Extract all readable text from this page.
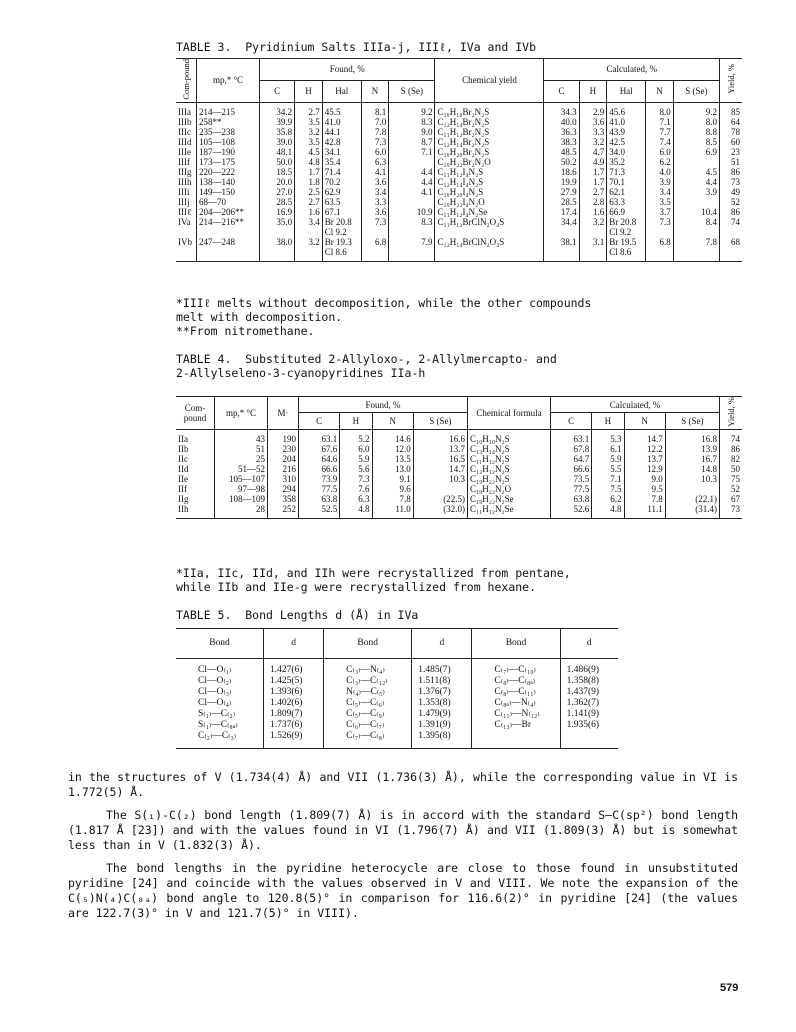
TABLE 3.  Pyridinium Salts IIIa-j, IIIℓ, IVa and IVb
Com-pound	mp,* °C	Found, %					Chemical yield	Calculated, %					Yield, %
		C	H	Hal	N	S (Se)		C	H	Hal	N	S (Se)	
IIIa	214—215	34.2	2.7	45.5	8.1	9.2	C₁₉H₁₀Br₂N₂S	34.3	2.9	45.6	8.0	9.2	85
IIIb	258**	39.9	3.5	41.0	7.0	8.3	C₁₂H₁₄Br₂N₂S	40.0	3.6	41.0	7.1	8.0	64
IIIc	235—238	35.8	3.2	44.1	7.8	9.0	C₁₁H₁₂Br₂N₂S	36.3	3.3	43.9	7.7	8.8	78
IIId	105—108	39.0	3.5	42.8	7.3	8.7	C₁₂H₁₄Br₂N₂S	38.3	3.2	42.5	7.4	8.5	60
IIIe	187—190	48.1	4.5	34.1	6.0	7.1	C₁₉H₂₀Br₂N₂S	48.5	4.7	34.0	6.0	6.9	23
IIIf	173—175	50.0	4.8	35.4	6.3		C₁₉H₂₂Br₂N₂O	50.2	4.9	35.2	6.2		51
IIIg	220—222	18.5	1.7	71.4	4.1	4.4	C₁₁H₁₂I₄N₂S	18.6	1.7	71.3	4.0	4.5	86
IIIh	138—140	20.0	1.8	70.2	3.6	4.4	C₁₂H₁₄I₄N₂S	19.9	1.7	70.1	3.9	4.4	73
IIIi	149—150	27.0	2.5	62.9	3.4	4.1	C₁₉H₂₀I₄N₂S	27.9	2.7	62.1	3.4	3.9	49
IIIj	68—70	28.5	2.7	63.5	3.3		C₁₉H₂₂I₄N₂O	28.5	2.8	63.3	3.5		52
IIIℓ	204—206**	16.9	1.6	67.1	3.6	10.9	C₁₁H₁₂I₄N₂Se	17.4	1.6	66.9	3.7	10.4	86
IVa	214—216**	35.0	3.4	Br 20.8 Cl 9.2	7.3	8.3	C₁₁H₁₂BrClN₂O₄S	34.4	3.2	Br 20.8 Cl 9.2	7.3	8.4	74
IVb	247—248	38.0	3.2	Br 19.3 Cl 8.6	6.8	7.9	C₁₂H₁₄BrClN₂O₄S	38.1	3.1	Br 19.5 Cl 8.6	6.8	7.8	68
*IIIℓ melts without decomposition, while the other compounds
melt with decomposition.
**From nitromethane.
TABLE 4.  Substituted 2-Allyloxo-, 2-Allylmercapto- and
2-Allylseleno-3-cyanopyridines IIa-h
Com-pound	mp,* °C	M·	Found, %				Chemical formula	Calculated, %				Yield, %
			C	H	N	S (Se)		C	H	N	S (Se)	
IIa	43	190	63.1	5.2	14.6	16.6	C₁₀H₁₀N₂S	63.1	5.3	14.7	16.8	74
IIb	51	230	67.6	6.0	12.0	13.7	C₁₃H₁₄N₂S	67.8	6.1	12.2	13.9	86
IIc	25	204	64.6	5.9	13.5	16.5	C₁₁H₁₂N₂S	64.7	5.9	13.7	16.7	82
IId	51—52	216	66.6	5.6	13.0	14.7	C₁₂H₁₂N₂S	66.6	5.5	12.9	14.8	50
IIe	105—107	310	73.9	7.3	9.1	10.3	C₁₉H₂₂N₂S	73.5	7.1	9.0	10.3	75
IIf	97—98	294	77.5	7.6	9.6		C₁₉H₂₂N₂O	77.5	7.5	9.5		52
IIg	108—109	358	63.8	6.3	7.8	(22.5)	C₁₉H₂₂N₂Se	63.8	6.2	7.8	(22.1)	67
IIh	28	252	52.5	4.8	11.0	(32.0)	C₁₁H₁₂N₂Se	52.6	4.8	11.1	(31.4)	73
*IIa, IIc, IId, and IIh were recrystallized from pentane,
while IIb and IIe-g were recrystallized from hexane.
TABLE 5.  Bond Lengths d (Å) in IVa
Bond	d	Bond	d	Bond	d
Cl—O₍₁₎	1.427(6)	C₍₃₎—N₍₄₎	1.485(7)	C₍₇₎—C₍₁₀₎	1.486(9)
Cl—O₍₂₎	1.425(5)	C₍₃₎—C₍₁₂₎	1.511(8)	C₍₈₎—C₍₈ₐ₎	1.358(8)
Cl—O₍₃₎	1.393(6)	N₍₄₎—C₍₅₎	1.376(7)	C₍₈₎—C₍₁₁₎	1.437(9)
Cl—O₍₄₎	1.402(6)	C₍₅₎—C₍₆₎	1.353(8)	C₍₈ₐ₎—N₍₄₎	1.362(7)
S₍₁₎—C₍₂₎	1.809(7)	C₍₅₎—C₍₉₎	1.479(9)	C₍₁₁₎—N₍₁₂₎	1.141(9)
S₍₁₎—C₍₈ₐ₎	1.737(6)	C₍₆₎—C₍₇₎	1.391(9)	C₍₁₃₎—Br	1.935(6)
C₍₂₎—C₍₃₎	1.526(9)	C₍₇₎—C₍₈₎	1.395(8)		

in the structures of V (1.734(4) Å) and VII (1.736(3) Å), while the corresponding value in VI is 1.772(5) Å.

The S(₁)-C(₂) bond length (1.809(7) Å) is in accord with the standard S–C(sp²) bond length (1.817 Å [23]) and with the values found in VI (1.796(7) Å) and VII (1.809(3) Å) but is somewhat less than in V (1.832(3) Å).

The bond lengths in the pyridine heterocycle are close to those found in unsubstituted pyridine [24] and coincide with the values observed in V and VIII. We note the expansion of the C(₅)N(₄)C(₈ₐ) bond angle to 120.8(5)° in comparison for 116.6(2)° in pyridine [24] (the values are 122.7(3)° in V and 121.7(5)° in VIII).

579
